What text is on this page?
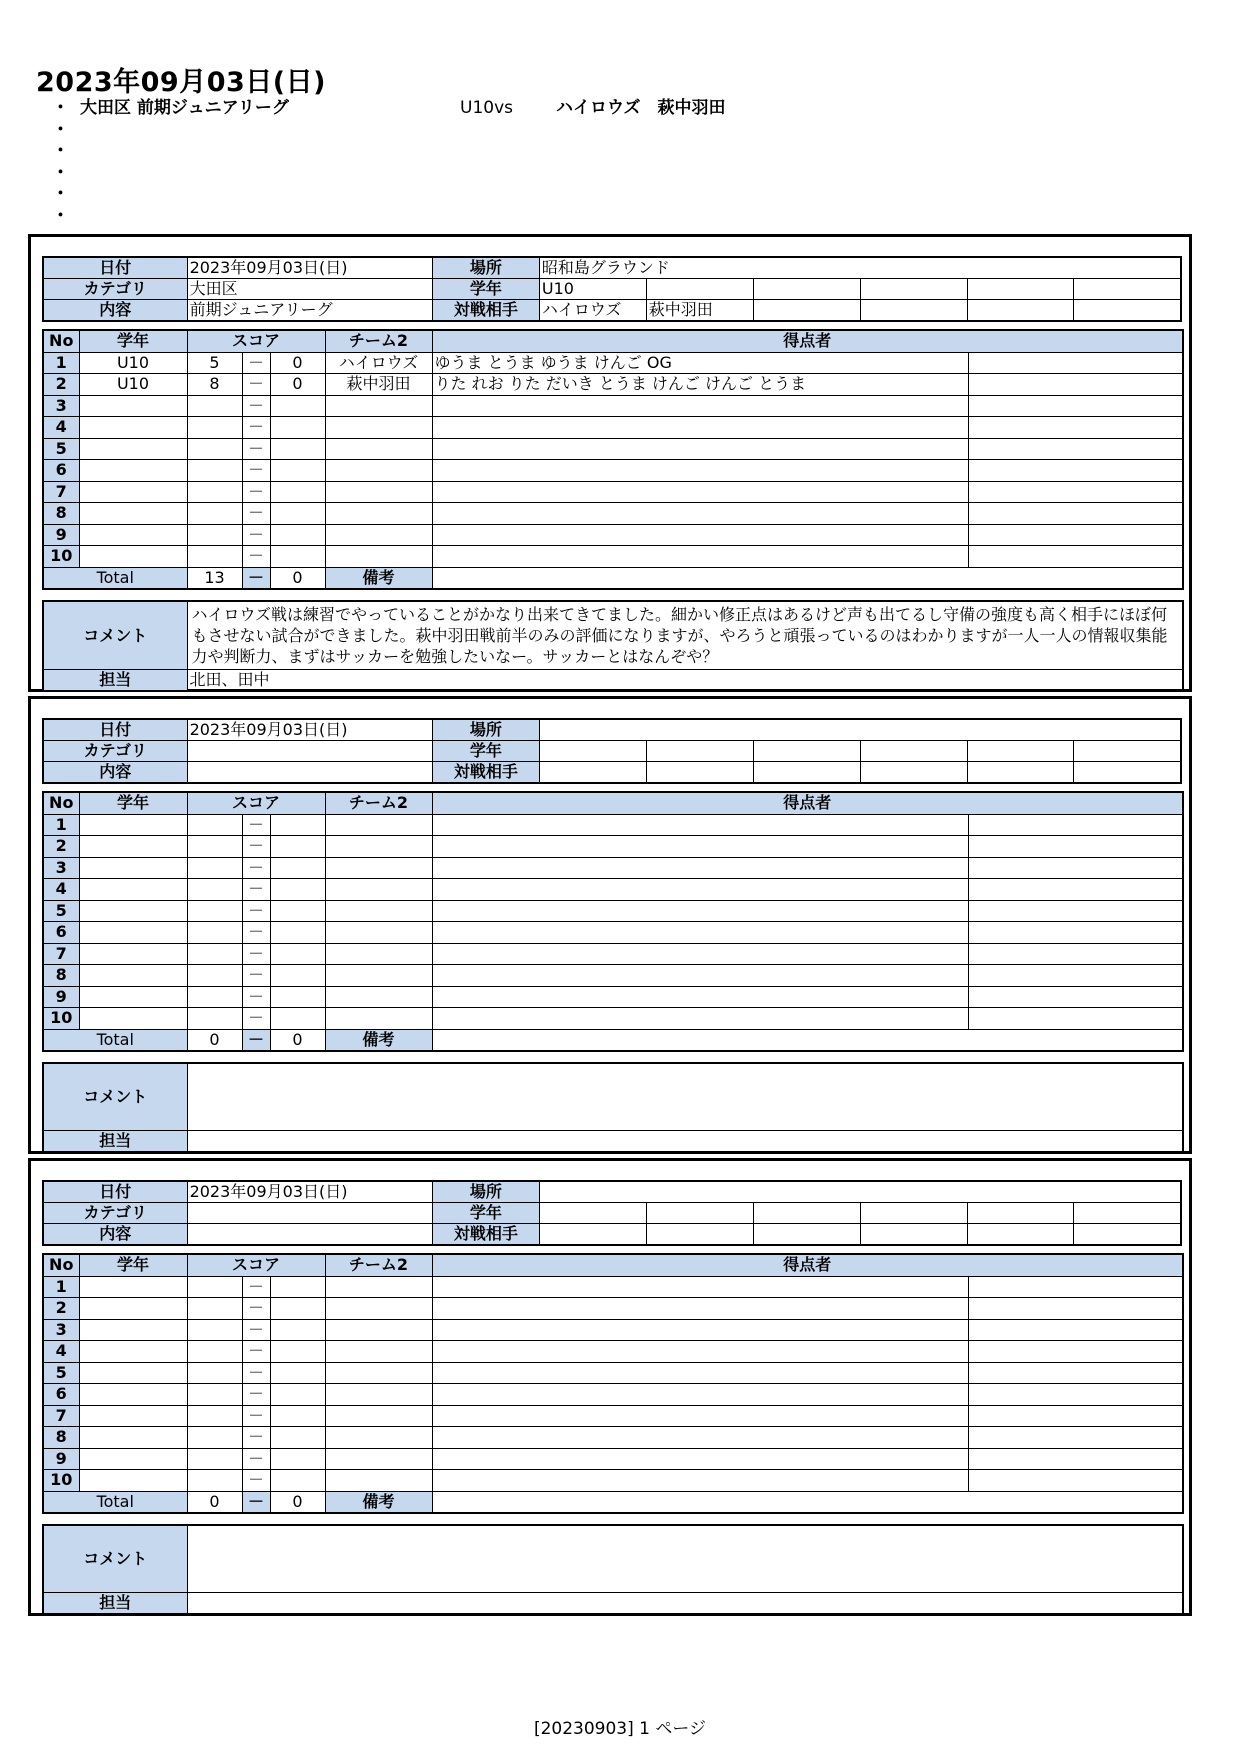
2023年09月03日(日)
・ 大田区 前期ジュニアリーグ	U10vs	ハイロウズ　萩中羽田
・
・
・
・
・
日付	2023年09月03日(日)	場所	昭和島グラウンド					
カテゴリ	大田区	学年	U10					
内容	前期ジュニアリーグ	対戦相手	ハイロウズ	萩中羽田				
No	学年	スコア			チーム2	得点者	
1	U10	5	－	0	ハイロウズ	ゆうま とうま ゆうま けんご OG	
2	U10	8	－	0	萩中羽田	りた れお りた だいき とうま けんご けんご とうま	
3			－				
4			－				
5			－				
6			－				
7			－				
8			－				
9			－				
10			－				
Total		13	－	0	備考		
コメント	ハイロウズ戦は練習でやっていることがかなり出来てきてました。細かい修正点はあるけど声も出てるし守備の強度も高く相手にほぼ何もさせない試合ができました。萩中羽田戦前半のみの評価になりますが、やろうと頑張っているのはわかりますが一人一人の情報収集能力や判断力、まずはサッカーを勉強したいなー。サッカーとはなんぞや？
担当	北田、田中
日付	2023年09月03日(日)	場所						
カテゴリ		学年						
内容		対戦相手						
No	学年	スコア			チーム2	得点者	
1			－				
2			－				
3			－				
4			－				
5			－				
6			－				
7			－				
8			－				
9			－				
10			－				
Total		0	－	0	備考		
コメント	
担当	
日付	2023年09月03日(日)	場所						
カテゴリ		学年						
内容		対戦相手						
No	学年	スコア			チーム2	得点者	
1			－				
2			－				
3			－				
4			－				
5			－				
6			－				
7			－				
8			－				
9			－				
10			－				
Total		0	－	0	備考		
コメント	
担当	
[20230903] 1 ページ
